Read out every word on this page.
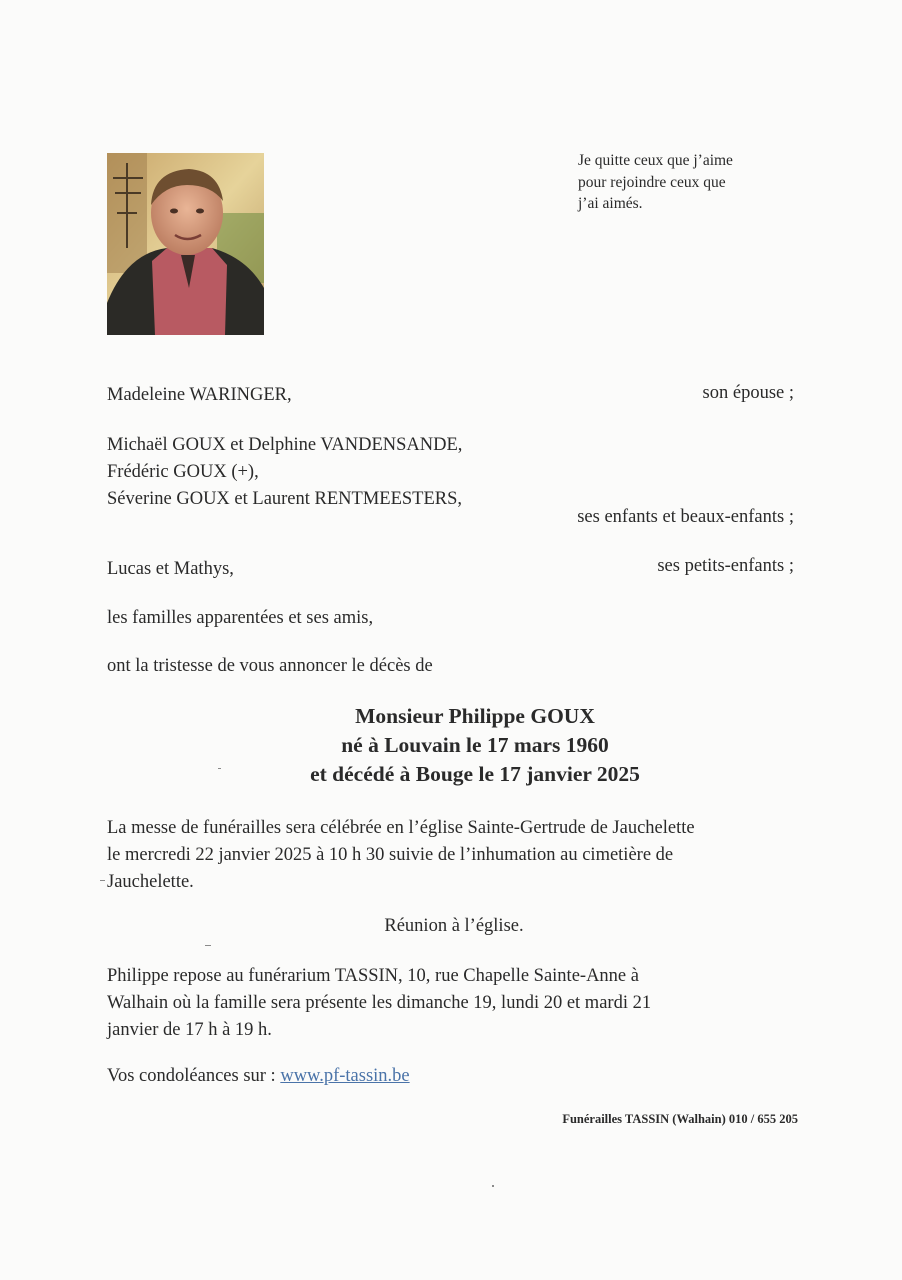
Je quitte ceux que j’aime
pour rejoindre ceux que
j’ai aimés.
Madeleine WARINGER,	son épouse ;
Michaël GOUX et Delphine VANDENSANDE,
Frédéric GOUX (+),
Séverine GOUX et Laurent RENTMEESTERS,
ses enfants et beaux-enfants ;
Lucas et Mathys,	ses petits-enfants ;
les familles apparentées et ses amis,
ont la tristesse de vous annoncer le décès de
Monsieur Philippe GOUX
né à Louvain le 17 mars 1960
et décédé à Bouge le 17 janvier 2025
La messe de funérailles sera célébrée en l’église Sainte-Gertrude de Jauchelette
le mercredi 22 janvier 2025 à 10 h 30 suivie de l’inhumation au cimetière de
Jauchelette.
Réunion à l’église.
Philippe repose au funérarium TASSIN, 10, rue Chapelle Sainte-Anne à
Walhain où la famille sera présente les dimanche 19, lundi 20 et mardi 21
janvier de 17 h à 19 h.
Vos condoléances sur : www.pf-tassin.be
Funérailles TASSIN (Walhain) 010 / 655 205
